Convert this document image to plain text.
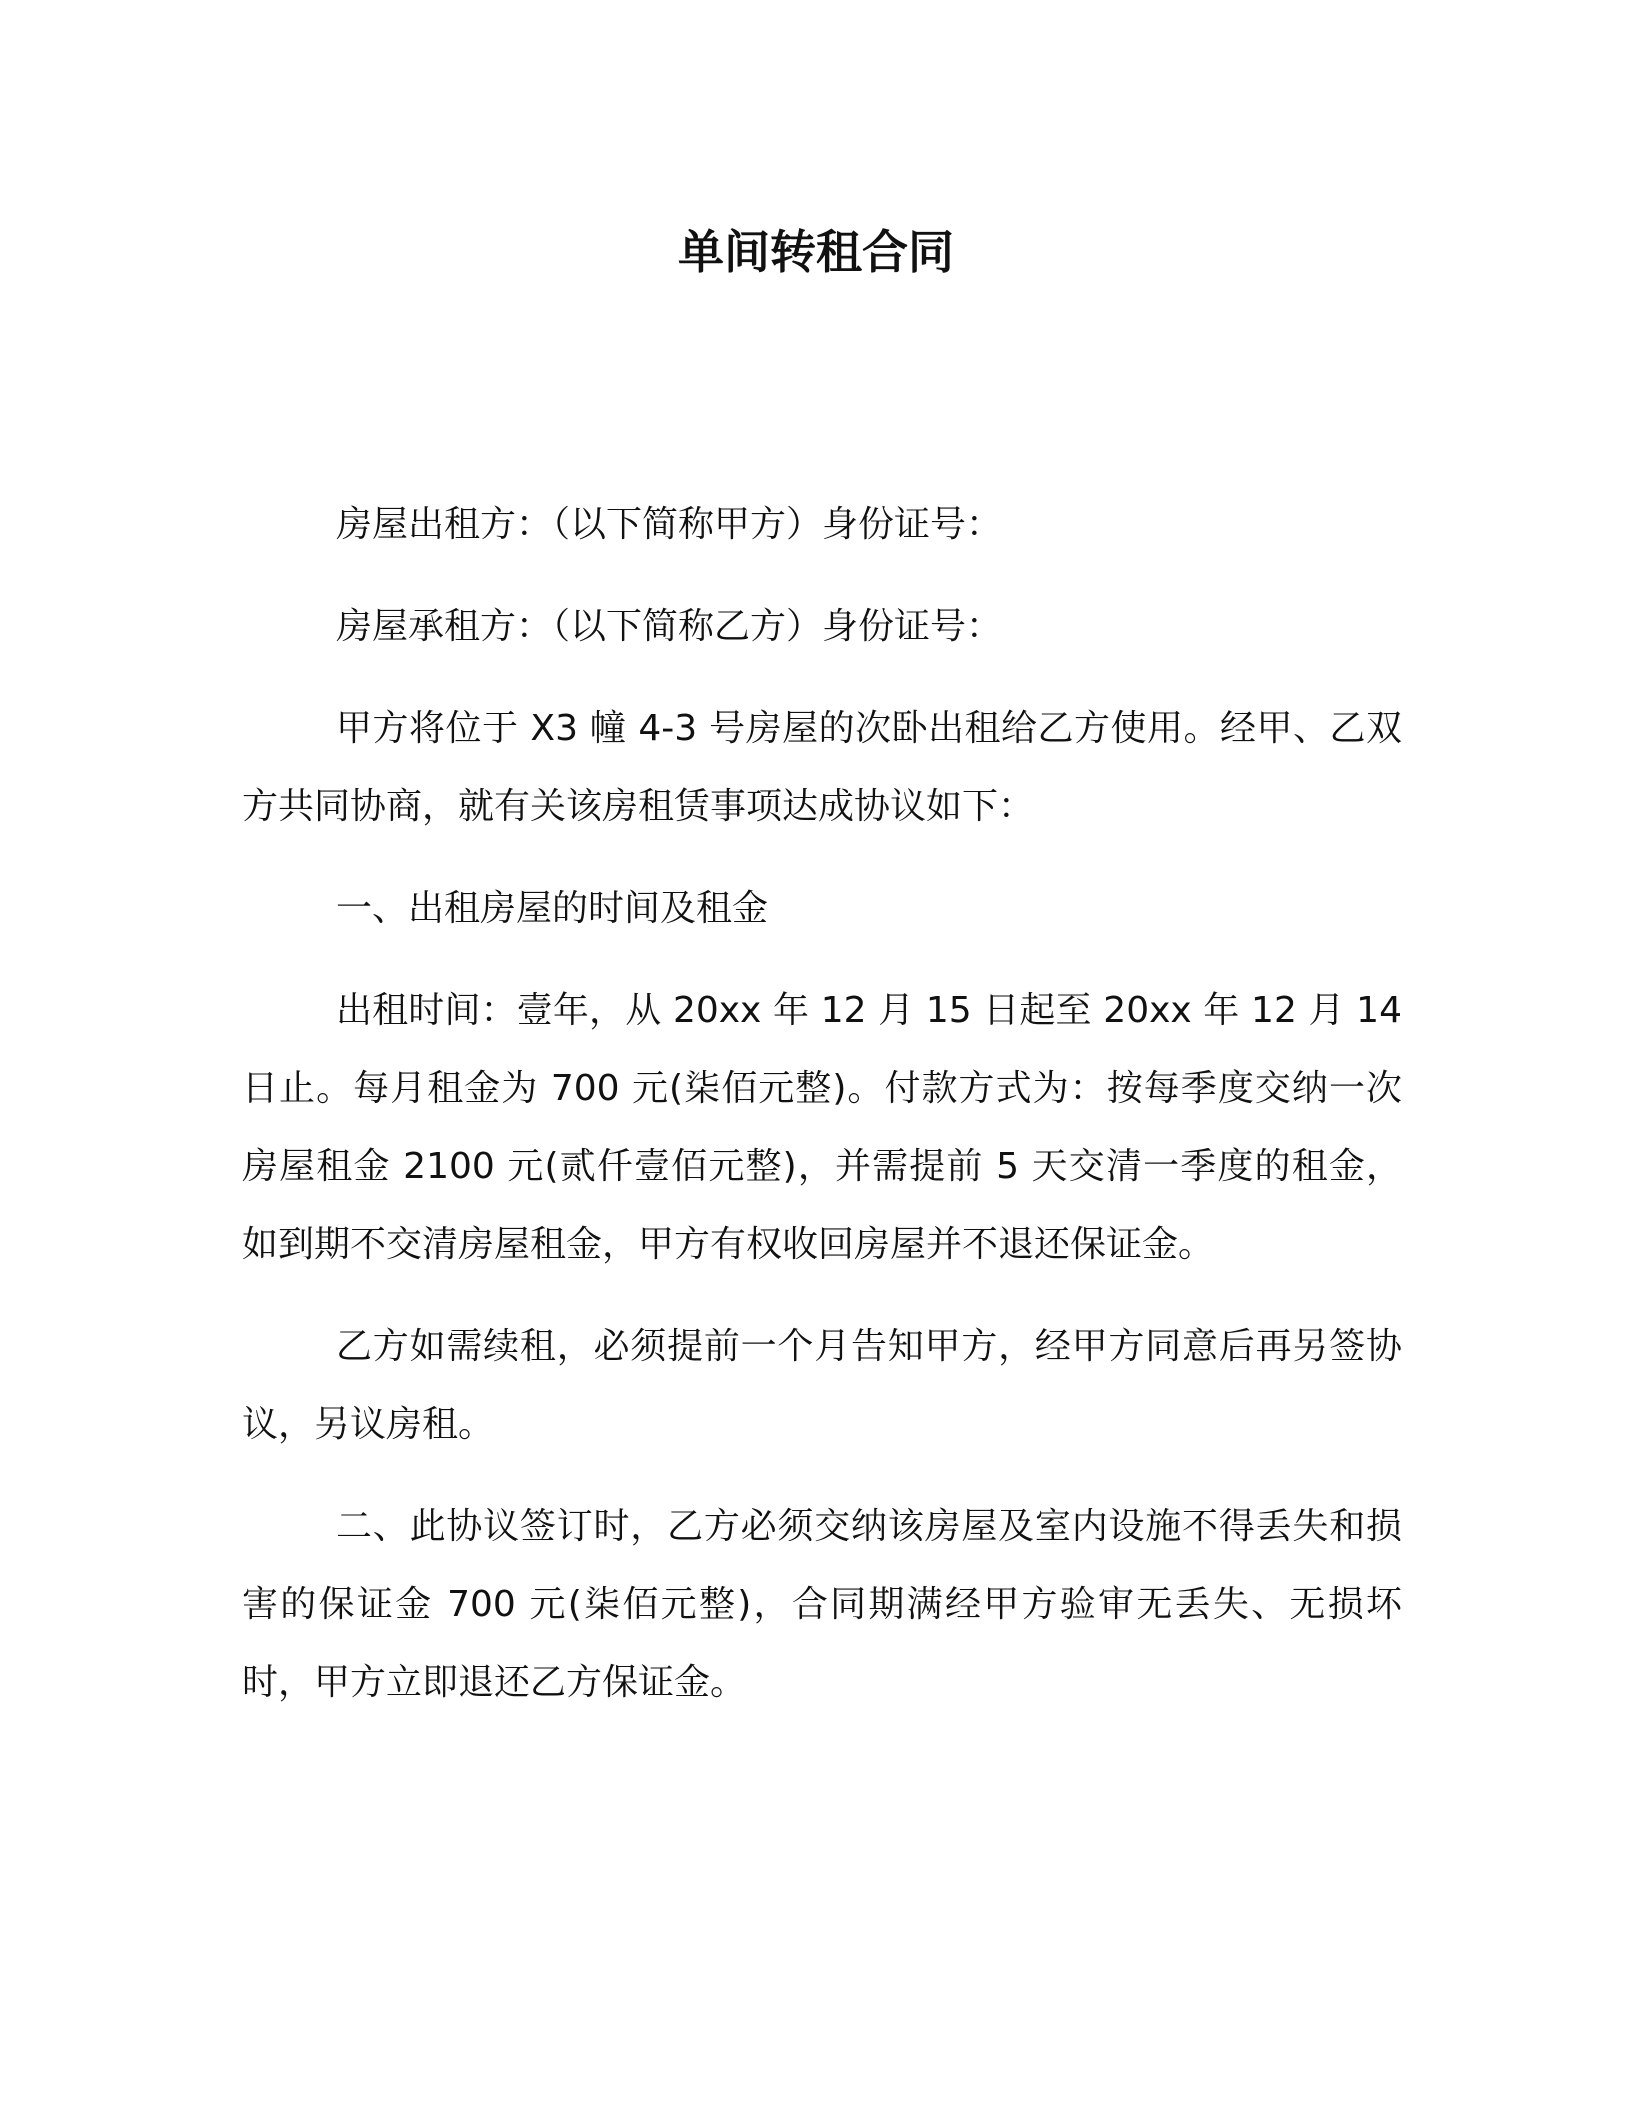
单间转租合同

房屋出租方：（以下简称甲方）身份证号：

房屋承租方：（以下简称乙方）身份证号：

甲方将位于 X3 幢 4-3 号房屋的次卧出租给乙方使用。经甲、乙双方共同协商，就有关该房租赁事项达成协议如下：

一、出租房屋的时间及租金

出租时间：壹年，从 20xx 年 12 月 15 日起至 20xx 年 12 月 14 日止。每月租金为 700 元(柒佰元整)。付款方式为：按每季度交纳一次房屋租金 2100 元(贰仟壹佰元整)，并需提前 5 天交清一季度的租金，如到期不交清房屋租金，甲方有权收回房屋并不退还保证金。

乙方如需续租，必须提前一个月告知甲方，经甲方同意后再另签协议，另议房租。

二、此协议签订时，乙方必须交纳该房屋及室内设施不得丢失和损害的保证金 700 元(柒佰元整)，合同期满经甲方验审无丢失、无损坏时，甲方立即退还乙方保证金。
